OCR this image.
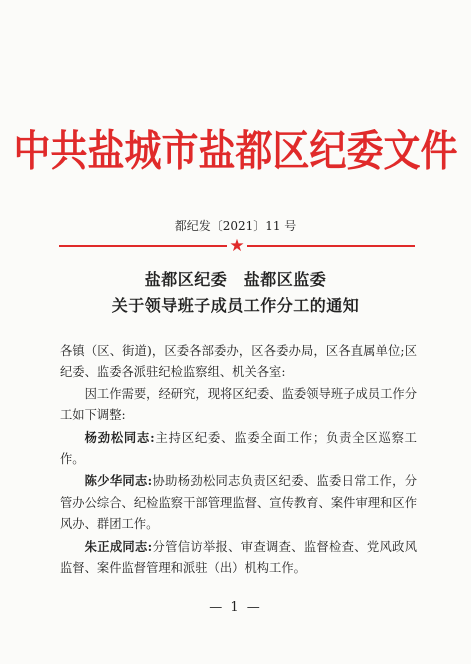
中共盐城市盐都区纪委文件
都纪发〔2021〕11 号
★
盐都区纪委　盐都区监委
关于领导班子成员工作分工的通知

各镇（区、街道)，区委各部委办，区各委办局，区各直属单位;区纪委、监委各派驻纪检监察组、机关各室:

因工作需要，经研究，现将区纪委、监委领导班子成员工作分工如下调整:

杨劲松同志:主持区纪委、监委全面工作；负责全区巡察工作。

陈少华同志:协助杨劲松同志负责区纪委、监委日常工作，分管办公综合、纪检监察干部管理监督、宣传教育、案件审理和区作风办、群团工作。

朱正成同志:分管信访举报、审查调查、监督检查、党风政风监督、案件监督管理和派驻（出）机构工作。

— 1 —
